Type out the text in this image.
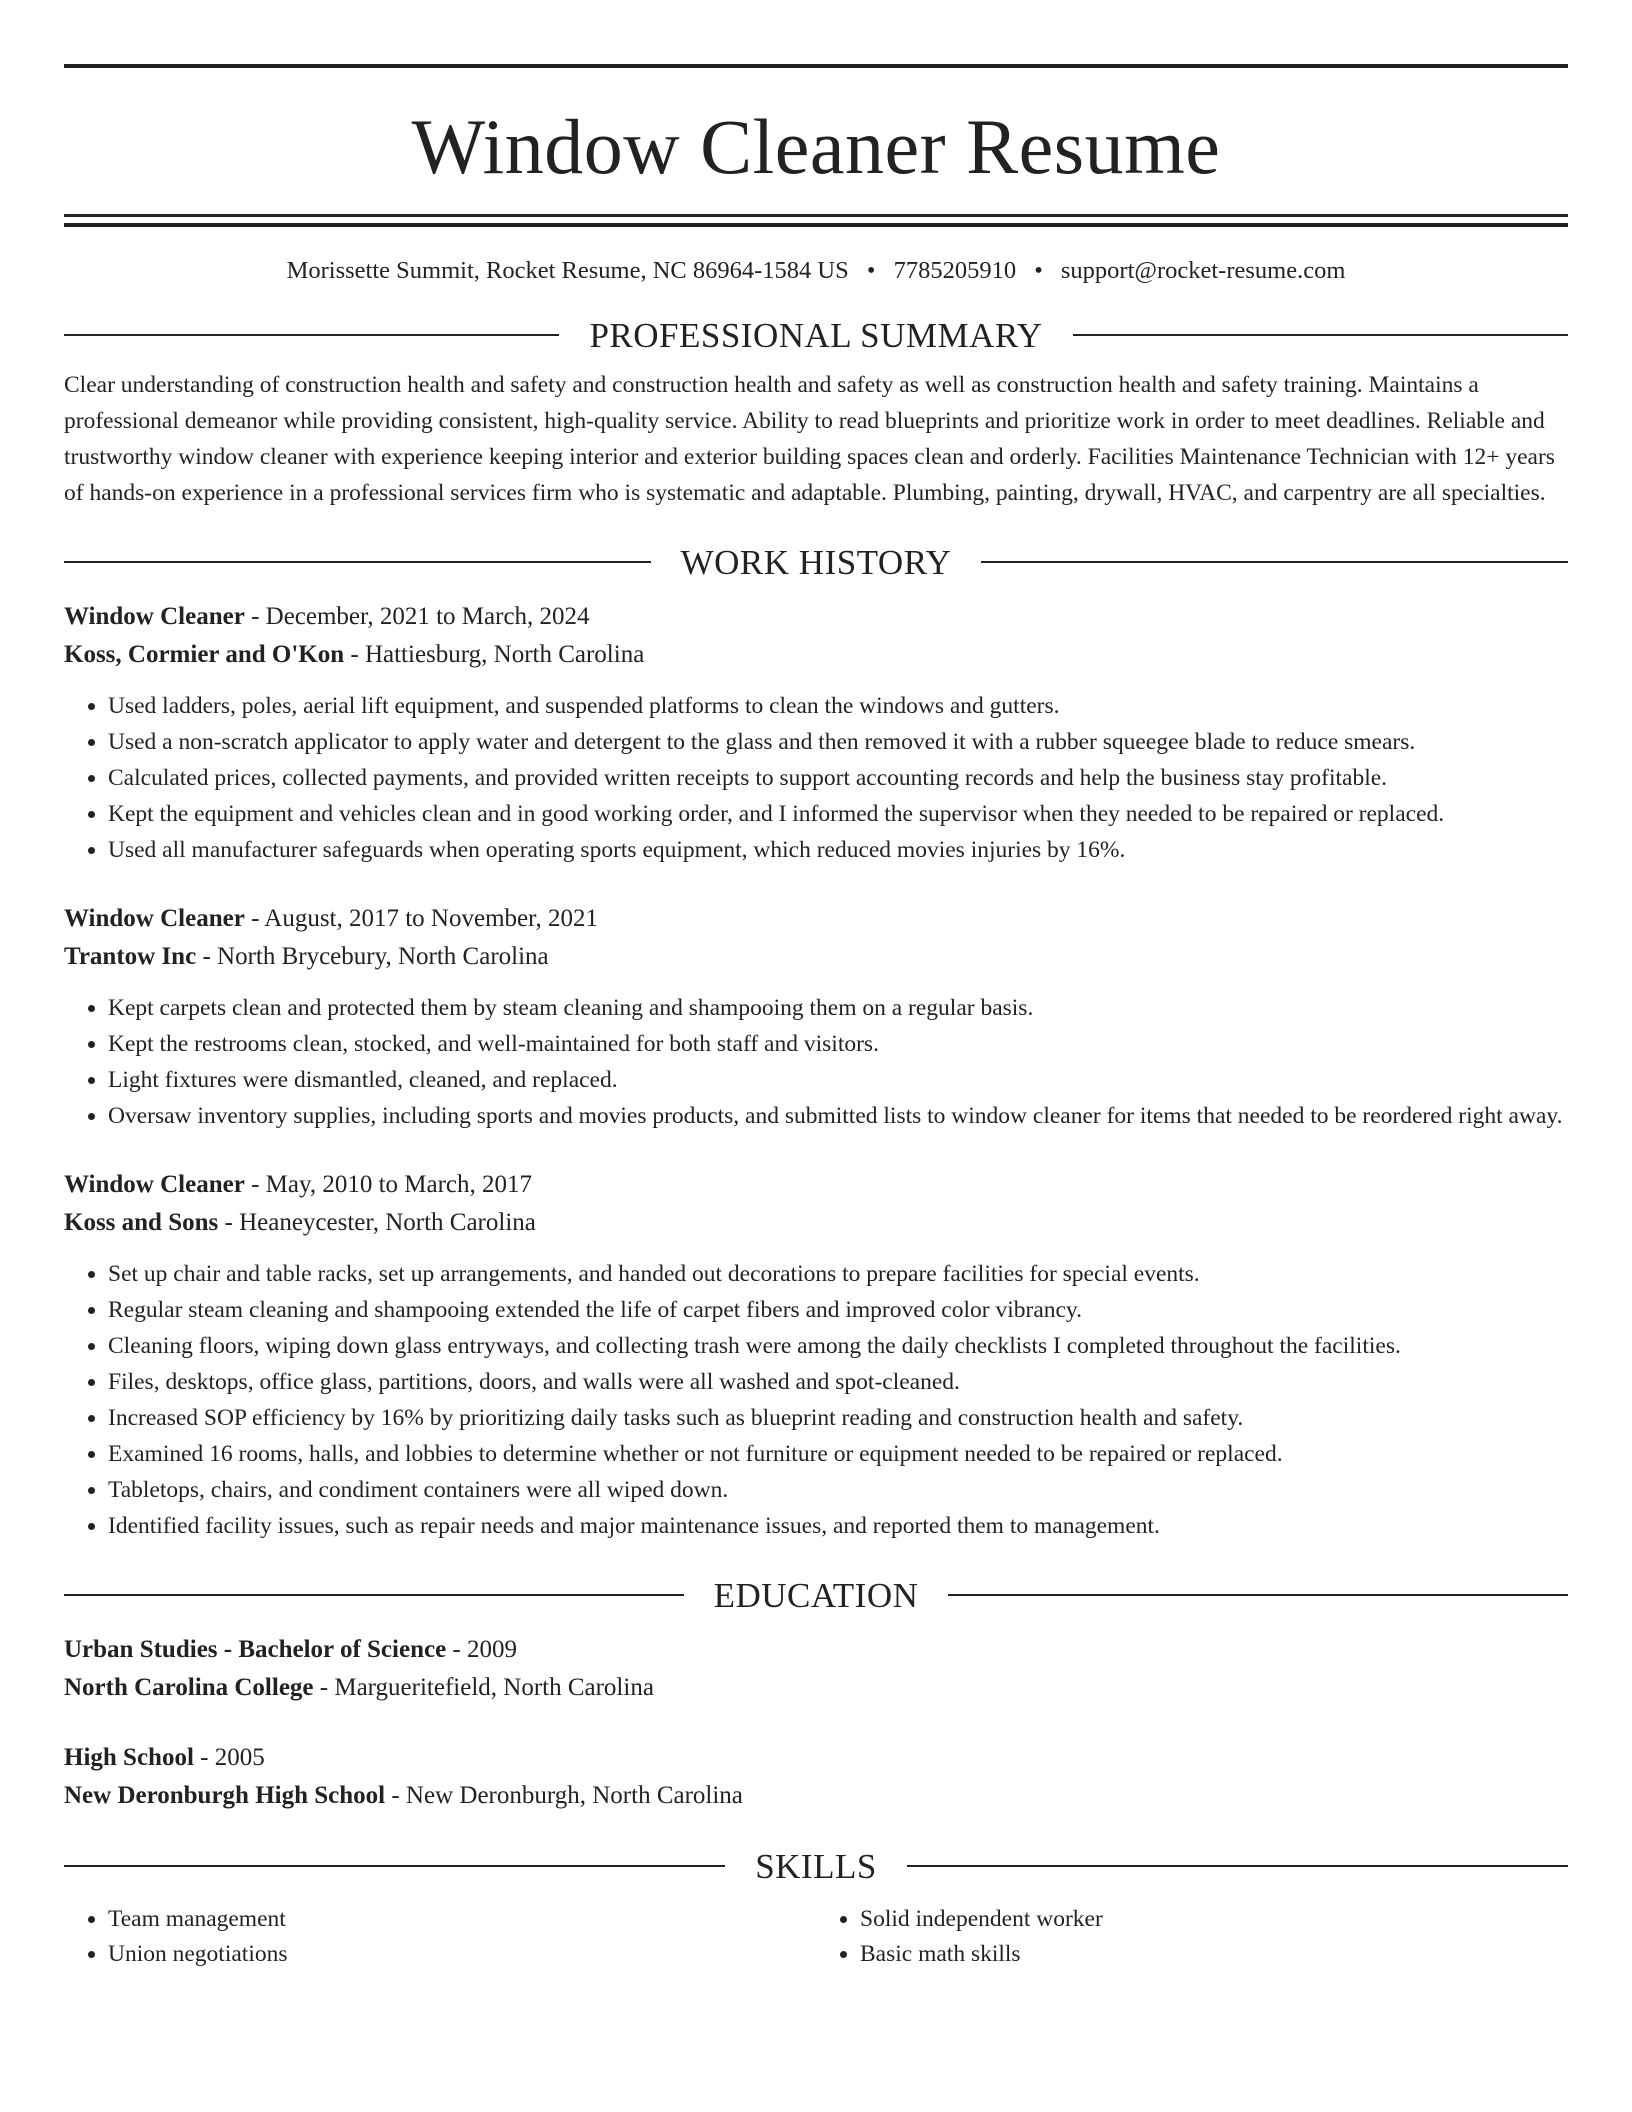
Window Cleaner Resume
Morissette Summit, Rocket Resume, NC 86964-1584 US • 7785205910 • support@rocket-resume.com
PROFESSIONAL SUMMARY
Clear understanding of construction health and safety and construction health and safety as well as construction health and safety training. Maintains a professional demeanor while providing consistent, high-quality service. Ability to read blueprints and prioritize work in order to meet deadlines. Reliable and trustworthy window cleaner with experience keeping interior and exterior building spaces clean and orderly. Facilities Maintenance Technician with 12+ years of hands-on experience in a professional services firm who is systematic and adaptable. Plumbing, painting, drywall, HVAC, and carpentry are all specialties.
WORK HISTORY
Window Cleaner - December, 2021 to March, 2024
Koss, Cormier and O'Kon - Hattiesburg, North Carolina
• Used ladders, poles, aerial lift equipment, and suspended platforms to clean the windows and gutters.
• Used a non-scratch applicator to apply water and detergent to the glass and then removed it with a rubber squeegee blade to reduce smears.
• Calculated prices, collected payments, and provided written receipts to support accounting records and help the business stay profitable.
• Kept the equipment and vehicles clean and in good working order, and I informed the supervisor when they needed to be repaired or replaced.
• Used all manufacturer safeguards when operating sports equipment, which reduced movies injuries by 16%.
Window Cleaner - August, 2017 to November, 2021
Trantow Inc - North Brycebury, North Carolina
• Kept carpets clean and protected them by steam cleaning and shampooing them on a regular basis.
• Kept the restrooms clean, stocked, and well-maintained for both staff and visitors.
• Light fixtures were dismantled, cleaned, and replaced.
• Oversaw inventory supplies, including sports and movies products, and submitted lists to window cleaner for items that needed to be reordered right away.
Window Cleaner - May, 2010 to March, 2017
Koss and Sons - Heaneycester, North Carolina
• Set up chair and table racks, set up arrangements, and handed out decorations to prepare facilities for special events.
• Regular steam cleaning and shampooing extended the life of carpet fibers and improved color vibrancy.
• Cleaning floors, wiping down glass entryways, and collecting trash were among the daily checklists I completed throughout the facilities.
• Files, desktops, office glass, partitions, doors, and walls were all washed and spot-cleaned.
• Increased SOP efficiency by 16% by prioritizing daily tasks such as blueprint reading and construction health and safety.
• Examined 16 rooms, halls, and lobbies to determine whether or not furniture or equipment needed to be repaired or replaced.
• Tabletops, chairs, and condiment containers were all wiped down.
• Identified facility issues, such as repair needs and major maintenance issues, and reported them to management.
EDUCATION
Urban Studies - Bachelor of Science - 2009
North Carolina College - Margueritefield, North Carolina
High School - 2005
New Deronburgh High School - New Deronburgh, North Carolina
SKILLS
• Team management
• Union negotiations
• Solid independent worker
• Basic math skills
